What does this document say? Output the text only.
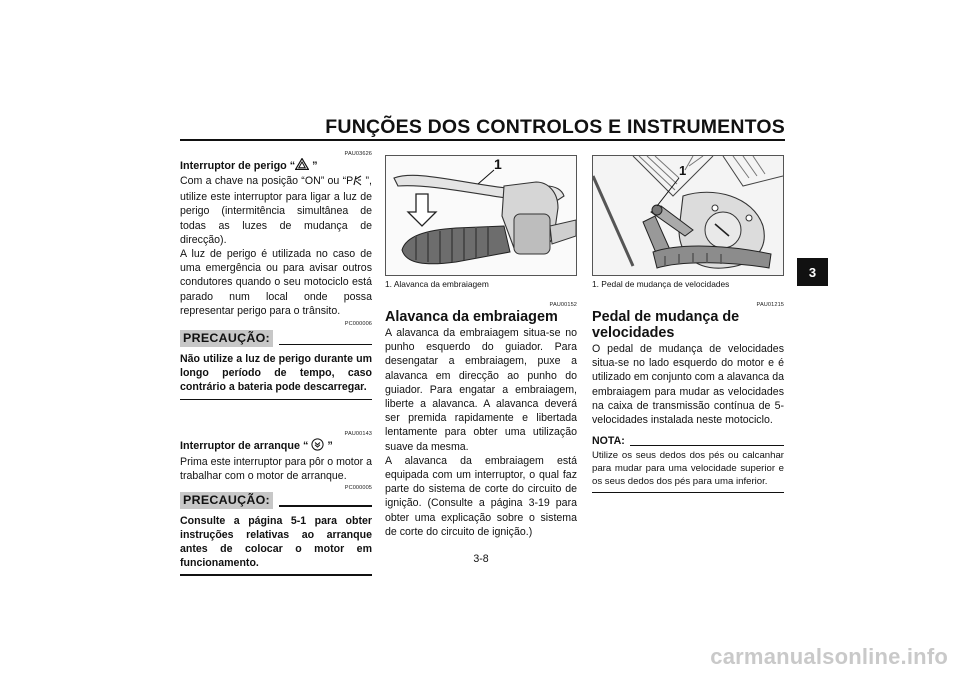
FUNÇÕES DOS CONTROLOS E INSTRUMENTOS
3
PAU03626
Interruptor de perigo “ ”
Com a chave na posição “ON” ou “P ”, utilize este interruptor para ligar a luz de perigo (intermitência simultânea de todas as luzes de mudança de direcção).
A luz de perigo é utilizada no caso de uma emergência ou para avisar outros condutores quando o seu motociclo está parado num local onde possa representar perigo para o trânsito.
PC000006
PRECAUÇÃO:
Não utilize a luz de perigo durante um longo período de tempo, caso contrário a bateria pode descarregar.
PAU00143
Interruptor de arranque “  ”
Prima este interruptor para pôr o motor a trabalhar com o motor de arranque.
PC000005
PRECAUÇÃO:
Consulte a página 5-1 para obter instruções relativas ao arranque antes de colocar o motor em funcionamento.
1
1. Alavanca da embraiagem
PAU00152
Alavanca da embraiagem
A alavanca da embraiagem situa-se no punho esquerdo do guiador. Para desengatar a embraiagem, puxe a alavanca em direcção ao punho do guiador. Para engatar a embraiagem, liberte a alavanca. A alavanca deverá ser premida rapidamente e libertada lentamente para obter uma utilização suave da mesma.
A alavanca da embraiagem está equipada com um interruptor, o qual faz parte do sistema de corte do circuito de ignição. (Consulte a página 3-19 para obter uma explicação sobre o sistema de corte do circuito de ignição.)
1
1. Pedal de mudança de velocidades
PAU01215
Pedal de mudança de velocidades
O pedal de mudança de velocidades situa-se no lado esquerdo do motor e é utilizado em conjunto com a alavanca da embraiagem para mudar as velocidades na caixa de transmissão contínua de 5-velocidades instalada neste motociclo.
NOTA:
Utilize os seus dedos dos pés ou calcanhar para mudar para uma velocidade superior e os seus dedos dos pés para uma inferior.
3-8
carmanualsonline.info
